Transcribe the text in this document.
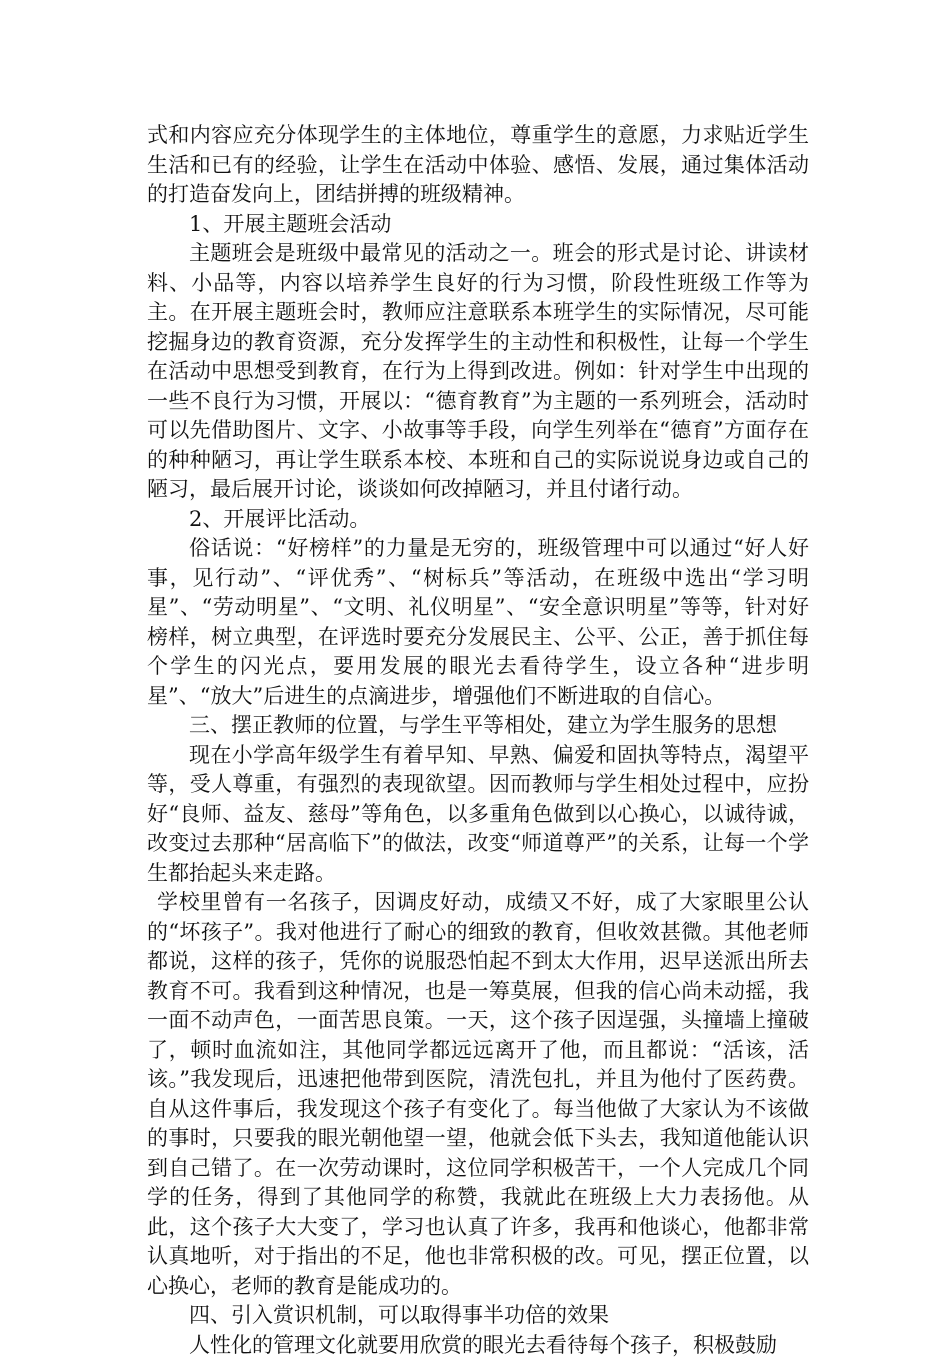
式和内容应充分体现学生的主体地位，尊重学生的意愿，力求贴近学生生活和已有的经验，让学生在活动中体验、感悟、发展，通过集体活动的打造奋发向上，团结拼搏的班级精神。

1、开展主题班会活动

主题班会是班级中最常见的活动之一。班会的形式是讨论、讲读材料、小品等，内容以培养学生良好的行为习惯，阶段性班级工作等为主。在开展主题班会时，教师应注意联系本班学生的实际情况，尽可能挖掘身边的教育资源，充分发挥学生的主动性和积极性，让每一个学生在活动中思想受到教育，在行为上得到改进。例如：针对学生中出现的一些不良行为习惯，开展以：“德育教育”为主题的一系列班会，活动时可以先借助图片、文字、小故事等手段，向学生列举在“德育”方面存在的种种陋习，再让学生联系本校、本班和自己的实际说说身边或自己的陋习，最后展开讨论，谈谈如何改掉陋习，并且付诸行动。

2、开展评比活动。

俗话说：“好榜样”的力量是无穷的，班级管理中可以通过“好人好事，见行动”、“评优秀”、“树标兵”等活动，在班级中选出“学习明星”、“劳动明星”、“文明、礼仪明星”、“安全意识明星”等等，针对好榜样，树立典型，在评选时要充分发展民主、公平、公正，善于抓住每个学生的闪光点，要用发展的眼光去看待学生，设立各种“进步明星”、“放大”后进生的点滴进步，增强他们不断进取的自信心。

三、摆正教师的位置，与学生平等相处，建立为学生服务的思想

现在小学高年级学生有着早知、早熟、偏爱和固执等特点，渴望平等，受人尊重，有强烈的表现欲望。因而教师与学生相处过程中，应扮好“良师、益友、慈母”等角色，以多重角色做到以心换心，以诚待诚，改变过去那种“居高临下”的做法，改变“师道尊严”的关系，让每一个学生都抬起头来走路。

学校里曾有一名孩子，因调皮好动，成绩又不好，成了大家眼里公认的“坏孩子”。我对他进行了耐心的细致的教育，但收效甚微。其他老师都说，这样的孩子，凭你的说服恐怕起不到太大作用，迟早送派出所去教育不可。我看到这种情况，也是一筹莫展，但我的信心尚未动摇，我一面不动声色，一面苦思良策。一天，这个孩子因逞强，头撞墙上撞破了，顿时血流如注，其他同学都远远离开了他，而且都说：“活该，活该。”我发现后，迅速把他带到医院，清洗包扎，并且为他付了医药费。自从这件事后，我发现这个孩子有变化了。每当他做了大家认为不该做的事时，只要我的眼光朝他望一望，他就会低下头去，我知道他能认识到自己错了。在一次劳动课时，这位同学积极苦干，一个人完成几个同学的任务，得到了其他同学的称赞，我就此在班级上大力表扬他。从此，这个孩子大大变了，学习也认真了许多，我再和他谈心，他都非常认真地听，对于指出的不足，他也非常积极的改。可见，摆正位置，以心换心，老师的教育是能成功的。

四、引入赏识机制，可以取得事半功倍的效果

人性化的管理文化就要用欣赏的眼光去看待每个孩子，积极鼓励
